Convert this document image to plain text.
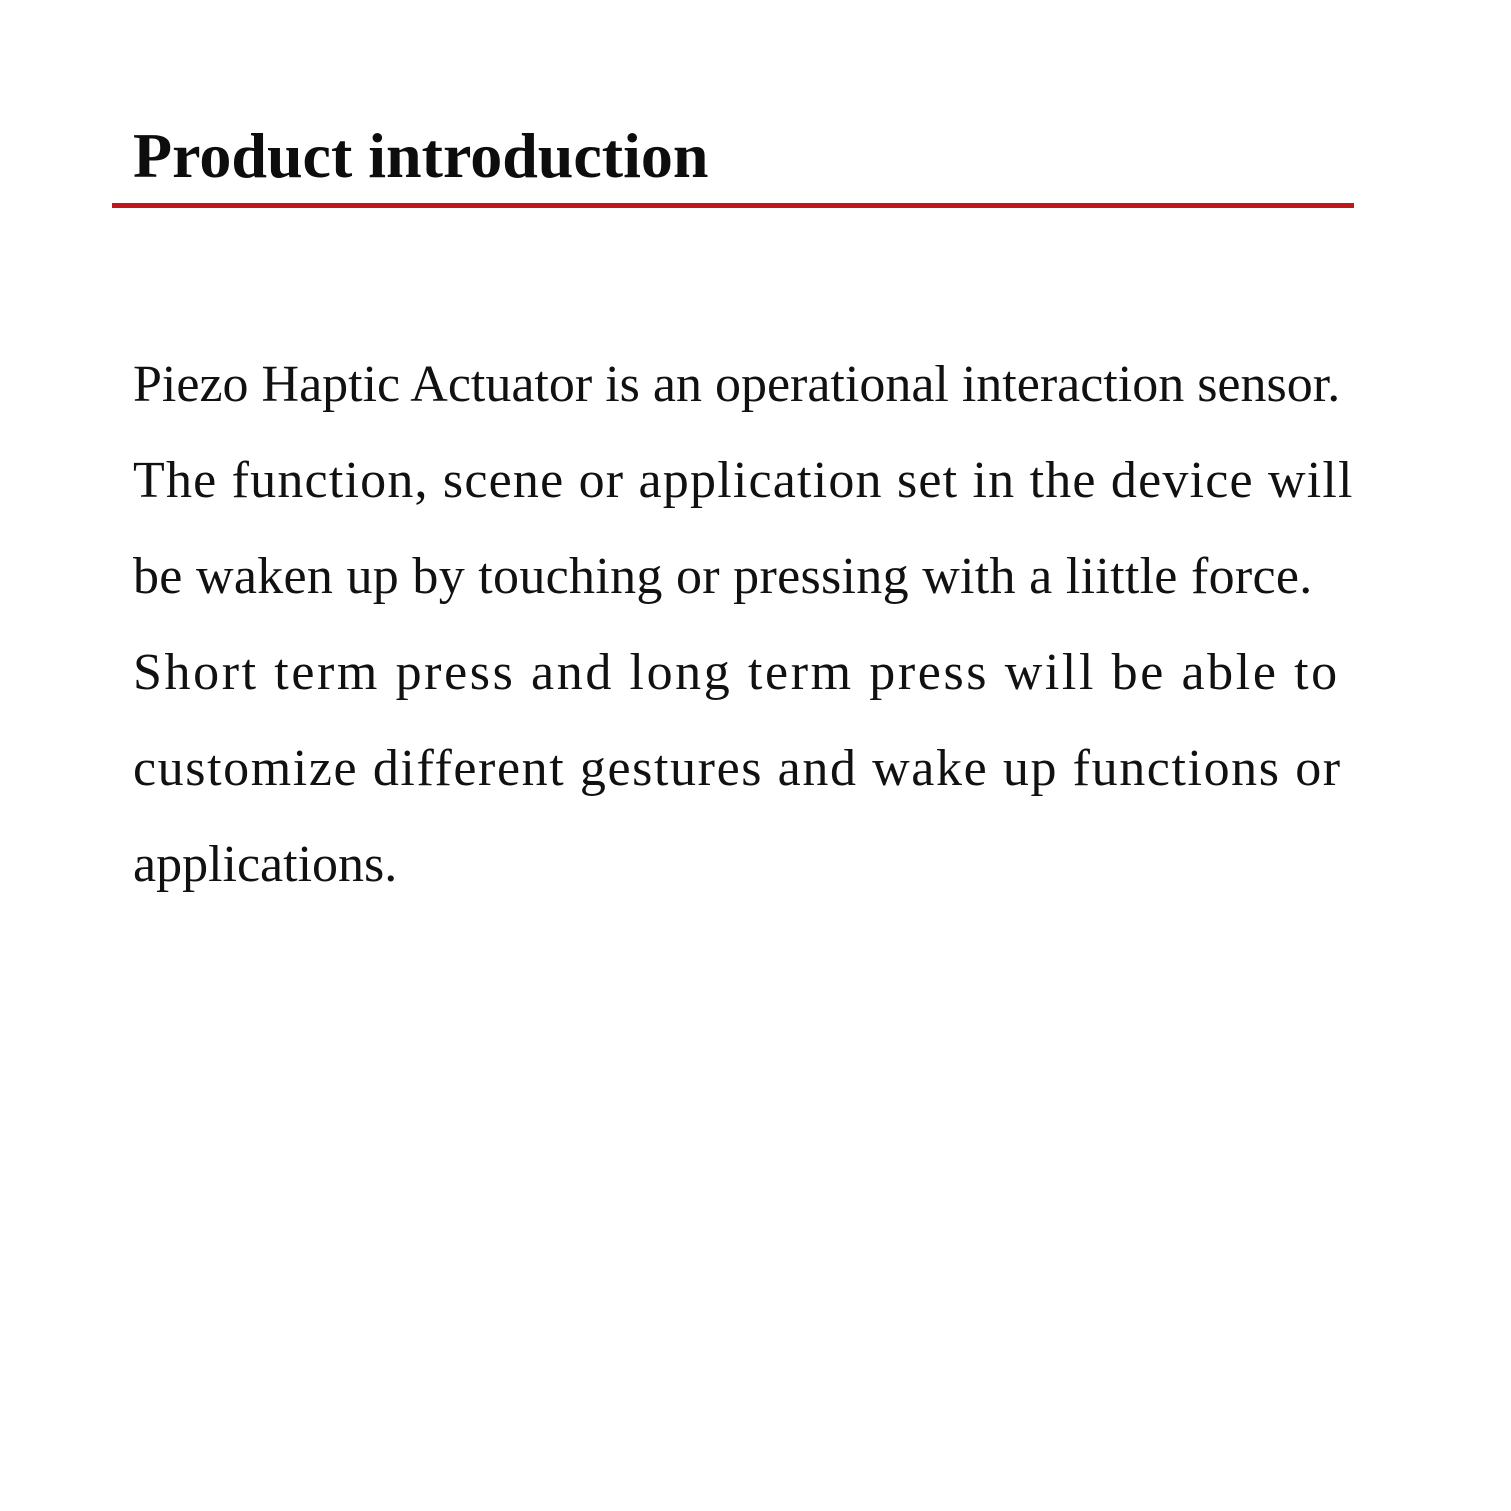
Product introduction

Piezo Haptic Actuator is an operational interaction sensor.
The function, scene or application set in the device will
be waken up by touching or pressing with a liittle force.
Short term press and long term press will be able to
customize different gestures and wake up functions or
applications.
